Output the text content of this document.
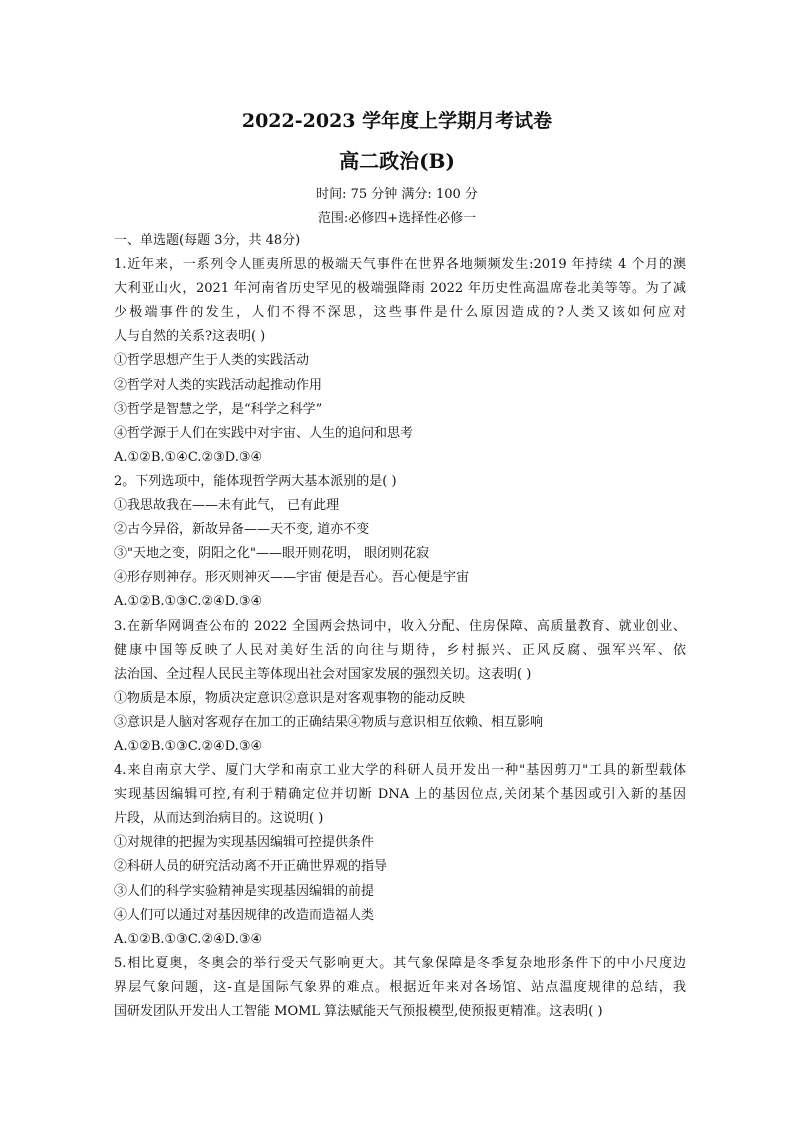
2022-2023 学年度上学期月考试卷
高二政治(B)
时间: 75 分钟 满分: 100 分
范围:必修四+选择性必修一
一、单选题(每题 3分，共 48分)
1.近年来，一系列令人匪夷所思的极端天气事件在世界各地频频发生:2019 年持续 4 个月的澳
大利亚山火，2021 年河南省历史罕见的极端强降雨 2022 年历史性高温席卷北美等等。为了减
少极端事件的发生，人们不得不深思，这些事件是什么原因造成的?人类又该如何应对
人与自然的关系?这表明( )
①哲学思想产生于人类的实践活动
②哲学对人类的实践活动起推动作用
③哲学是智慧之学，是“科学之科学”
④哲学源于人们在实践中对宇宙、人生的追问和思考
A.①②B.①④C.②③D.③④
2。下列选项中，能体现哲学两大基本派别的是( )
①我思故我在——未有此气， 已有此理
②古今异俗，新故异备——天不变, 道亦不变
③"天地之变，阴阳之化"——眼开则花明， 眼闭则花寂
④形存则神存。形灭则神灭——宇宙 便是吾心。吾心便是宇宙
A.①②B.①③C.②④D.③④
3.在新华网调查公布的 2022 全国两会热词中，收入分配、住房保障、高质量教育、就业创业、
健康中国等反映了人民对美好生活的向往与期待，乡村振兴、正风反腐、强军兴军、依
法治国、全过程人民民主等体现出社会对国家发展的强烈关切。这表明( )
①物质是本原，物质决定意识②意识是对客观事物的能动反映
③意识是人脑对客观存在加工的正确结果④物质与意识相互依赖、相互影响
A.①②B.①③C.②④D.③④
4.来自南京大学、厦门大学和南京工业大学的科研人员开发出一种"基因剪刀"工具的新型载体
实现基因编辑可控,有利于精确定位并切断 DNA 上的基因位点,关闭某个基因或引入新的基因
片段，从而达到治病目的。这说明( )
①对规律的把握为实现基因编辑可控提供条件
②科研人员的研究活动离不开正确世界观的指导
③人们的科学实验精神是实现基因编辑的前提
④人们可以通过对基因规律的改造而造福人类
A.①②B.①③C.②④D.③④
5.相比夏奥，冬奥会的举行受天气影响更大。其气象保障是冬季复杂地形条件下的中小尺度边
界层气象问题，这-直是国际气象界的难点。根据近年来对各场馆、站点温度规律的总结，我
国研发团队开发出人工智能 MOML 算法赋能天气预报模型,使预报更精准。这表明( )
